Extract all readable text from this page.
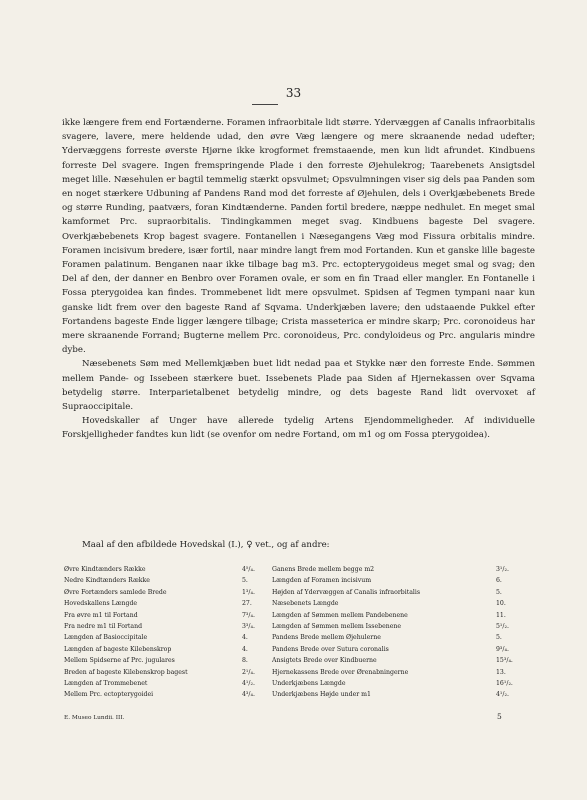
33

ikke længere frem end Fortænderne. Foramen infraorbitale lidt større. Ydervæggen af Canalis infraorbitalis svagere, lavere, mere heldende udad, den øvre Væg længere og mere skraanende nedad udefter; Ydervæggens forreste øverste Hjørne ikke krogformet fremstaaende, men kun lidt afrundet. Kindbuens forreste Del svagere. Ingen fremspringende Plade i den forreste Øjehulekrog; Taarebenets Ansigtsdel meget lille. Næsehulen er bagtil temmelig stærkt opsvulmet; Opsvulmningen viser sig dels paa Panden som en noget stærkere Udbuning af Pandens Rand mod det forreste af Øjehulen, dels i Overkjæbebenets Brede og større Runding, paatværs, foran Kindtænderne. Panden fortil bredere, næppe nedhulet. En meget smal kamformet Prc. supraorbitalis. Tindingkammen meget svag. Kindbuens bageste Del svagere. Overkjæbebenets Krop bagest svagere. Fontanellen i Næsegangens Væg mod Fissura orbitalis mindre. Foramen incisivum bredere, især fortil, naar mindre langt frem mod Fortanden. Kun et ganske lille bageste Foramen palatinum. Benganen naar ikke tilbage bag m3. Prc. ectopterygoideus meget smal og svag; den Del af den, der danner en Benbro over Foramen ovale, er som en fin Traad eller mangler. En Fontanelle i Fossa pterygoidea kan findes. Trommebenet lidt mere opsvulmet. Spidsen af Tegmen tympani naar kun ganske lidt frem over den bageste Rand af Sqvama. Underkjæben lavere; den udstaaende Pukkel efter Fortandens bageste Ende ligger længere tilbage; Crista masseterica er mindre skarp; Prc. coronoideus har mere skraanende Forrand; Bugterne mellem Prc. coronoideus, Prc. condyloideus og Prc. angularis mindre dybe.

Næsebenets Søm med Mellemkjæben buet lidt nedad paa et Stykke nær den forreste Ende. Sømmen mellem Pande- og Issebeen stærkere buet. Issebenets Plade paa Siden af Hjernekassen over Sqvama betydelig større. Interparietalbenet betydelig mindre, og dets bageste Rand lidt overvoxet af Supraoccipitale.

Hovedskaller af Unger have allerede tydelig Artens Ejendommeligheder. Af individuelle Forskjelligheder fandtes kun lidt (se ovenfor om nedre Fortand, om m1 og om Fossa pterygoidea).

Maal af den afbildede Hovedskal (I.), ♀ vet., og af andre:
Øvre Kindtænders Række	4⁵/₄.	Ganens Brede mellem begge m2	3¹/₂.
Nedre Kindtænders Række	5.	Længden af Foramen incisivum	6.
Øvre Fortænders samlede Brede	1³/₄.	Højden af Ydervæggen af Canalis infraorbitalis	5.
Hovedskallens Længde	27.	Næsebenets Længde	10.
Fra øvre m1 til Fortand	7³/₄.	Længden af Sømmen mellem Pandebenene	11.
Fra nedre m1 til Fortand	3³/₄.	Længden af Sømmen mellem Issebenene	5¹/₂.
Længden af Basioccipitale	4.	Pandens Brede mellem Øjehulerne	5.
Længden af bageste Kilebenskrop	4.	Pandens Brede over Sutura coronalis	9³/₄.
Mellem Spidserne af Prc. jugulares	8.	Ansigtets Brede over Kindbuerne	15³/₄.
Breden af bageste Kilebenskrop bagest	2¹/₄.	Hjernekassens Brede over Ørenabningerne	13.
Længden af Trommebenet	4¹/₂.	Underkjæbens Længde	16¹/₂.
Mellem Prc. ectopterygoidei	4³/₄.	Underkjæbens Højde under m1	4¹/₂.
E. Museo Lundii. III.	5
